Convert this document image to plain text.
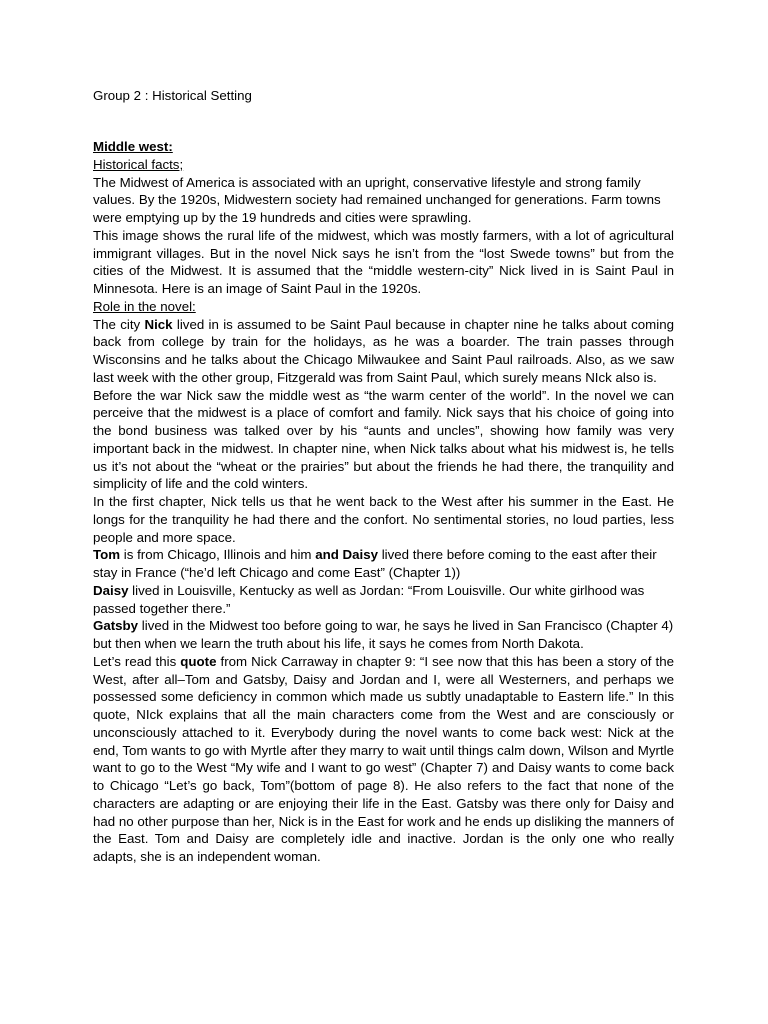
Group 2 : Historical Setting

Middle west:

Historical facts;

The Midwest of America is associated with an upright, conservative lifestyle and strong family values. By the 1920s, Midwestern society had remained unchanged for generations. Farm towns were emptying up by the 19 hundreds and cities were sprawling.

This image shows the rural life of the midwest, which was mostly farmers, with a lot of agricultural immigrant villages. But in the novel Nick says he isn’t from the “lost Swede towns” but from the cities of the Midwest. It is assumed that the “middle western-city” Nick lived in is Saint Paul in Minnesota. Here is an image of Saint Paul in the 1920s.

Role in the novel:

The city Nick lived in is assumed to be Saint Paul because in chapter nine he talks about coming back from college by train for the holidays, as he was a boarder. The train passes through Wisconsins and he talks about the Chicago Milwaukee and Saint Paul railroads. Also, as we saw last week with the other group, Fitzgerald was from Saint Paul, which surely means NIck also is.

Before the war Nick saw the middle west as “the warm center of the world”. In the novel we can perceive that the midwest is a place of comfort and family. Nick says that his choice of going into the bond business was talked over by his “aunts and uncles”, showing how family was very important back in the midwest. In chapter nine, when Nick talks about what his midwest is, he tells us it’s not about the “wheat or the prairies” but about the friends he had there, the tranquility and simplicity of life and the cold winters.

In the first chapter, Nick tells us that he went back to the West after his summer in the East. He longs for the tranquility he had there and the confort. No sentimental stories, no loud parties, less people and more space.

Tom is from Chicago, Illinois and him and Daisy lived there before coming to the east after their stay in France (“he’d left Chicago and come East” (Chapter 1))

Daisy lived in Louisville, Kentucky as well as Jordan: “From Louisville. Our white girlhood was passed together there.”

Gatsby lived in the Midwest too before going to war, he says he lived in San Francisco (Chapter 4) but then when we learn the truth about his life, it says he comes from North Dakota.

Let’s read this quote from Nick Carraway in chapter 9: “I see now that this has been a story of the West, after all–Tom and Gatsby, Daisy and Jordan and I, were all Westerners, and perhaps we possessed some deficiency in common which made us subtly unadaptable to Eastern life.” In this quote, NIck explains that all the main characters come from the West and are consciously or unconsciously attached to it. Everybody during the novel wants to come back west: Nick at the end, Tom wants to go with Myrtle after they marry to wait until things calm down, Wilson and Myrtle want to go to the West “My wife and I want to go west” (Chapter 7) and Daisy wants to come back to Chicago “Let’s go back, Tom”(bottom of page 8). He also refers to the fact that none of the characters are adapting or are enjoying their life in the East. Gatsby was there only for Daisy and had no other purpose than her, Nick is in the East for work and he ends up disliking the manners of the East. Tom and Daisy are completely idle and inactive. Jordan is the only one who really adapts, she is an independent woman.
